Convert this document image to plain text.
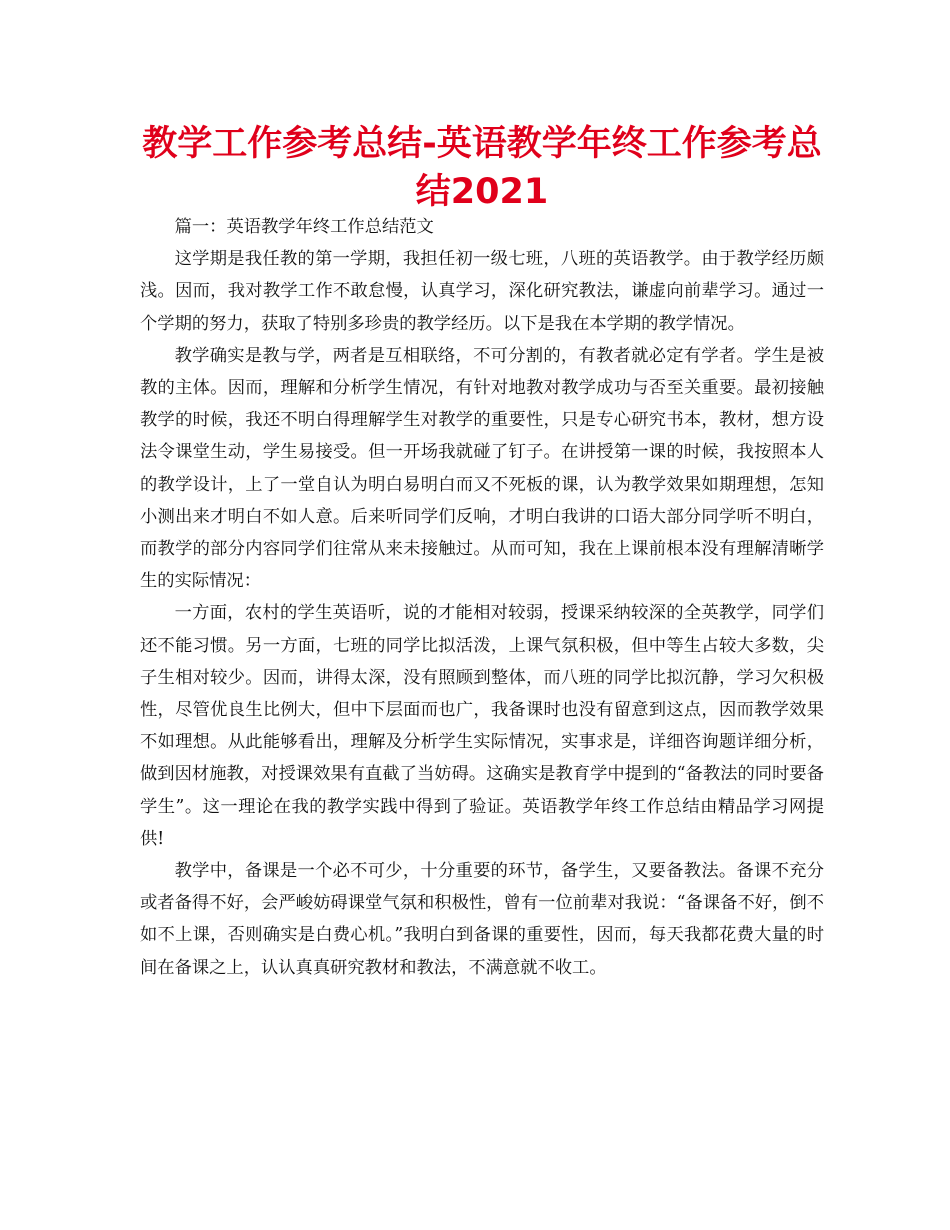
教学工作参考总结-英语教学年终工作参考总结2021

篇一：英语教学年终工作总结范文

这学期是我任教的第一学期，我担任初一级七班，八班的英语教学。由于教学经历颇浅。因而，我对教学工作不敢怠慢，认真学习，深化研究教法，谦虚向前辈学习。通过一个学期的努力，获取了特别多珍贵的教学经历。以下是我在本学期的教学情况。

教学确实是教与学，两者是互相联络，不可分割的，有教者就必定有学者。学生是被教的主体。因而，理解和分析学生情况，有针对地教对教学成功与否至关重要。最初接触教学的时候，我还不明白得理解学生对教学的重要性，只是专心研究书本，教材，想方设法令课堂生动，学生易接受。但一开场我就碰了钉子。在讲授第一课的时候，我按照本人的教学设计，上了一堂自认为明白易明白而又不死板的课，认为教学效果如期理想，怎知小测出来才明白不如人意。后来听同学们反响，才明白我讲的口语大部分同学听不明白，而教学的部分内容同学们往常从来未接触过。从而可知，我在上课前根本没有理解清晰学生的实际情况：

一方面，农村的学生英语听，说的才能相对较弱，授课采纳较深的全英教学，同学们还不能习惯。另一方面，七班的同学比拟活泼，上课气氛积极，但中等生占较大多数，尖子生相对较少。因而，讲得太深，没有照顾到整体，而八班的同学比拟沉静，学习欠积极性，尽管优良生比例大，但中下层面而也广，我备课时也没有留意到这点，因而教学效果不如理想。从此能够看出，理解及分析学生实际情况，实事求是，详细咨询题详细分析，做到因材施教，对授课效果有直截了当妨碍。这确实是教育学中提到的“备教法的同时要备学生”。这一理论在我的教学实践中得到了验证。英语教学年终工作总结由精品学习网提供!

教学中，备课是一个必不可少，十分重要的环节，备学生，又要备教法。备课不充分或者备得不好，会严峻妨碍课堂气氛和积极性，曾有一位前辈对我说：“备课备不好，倒不如不上课，否则确实是白费心机。”我明白到备课的重要性，因而，每天我都花费大量的时间在备课之上，认认真真研究教材和教法，不满意就不收工。
